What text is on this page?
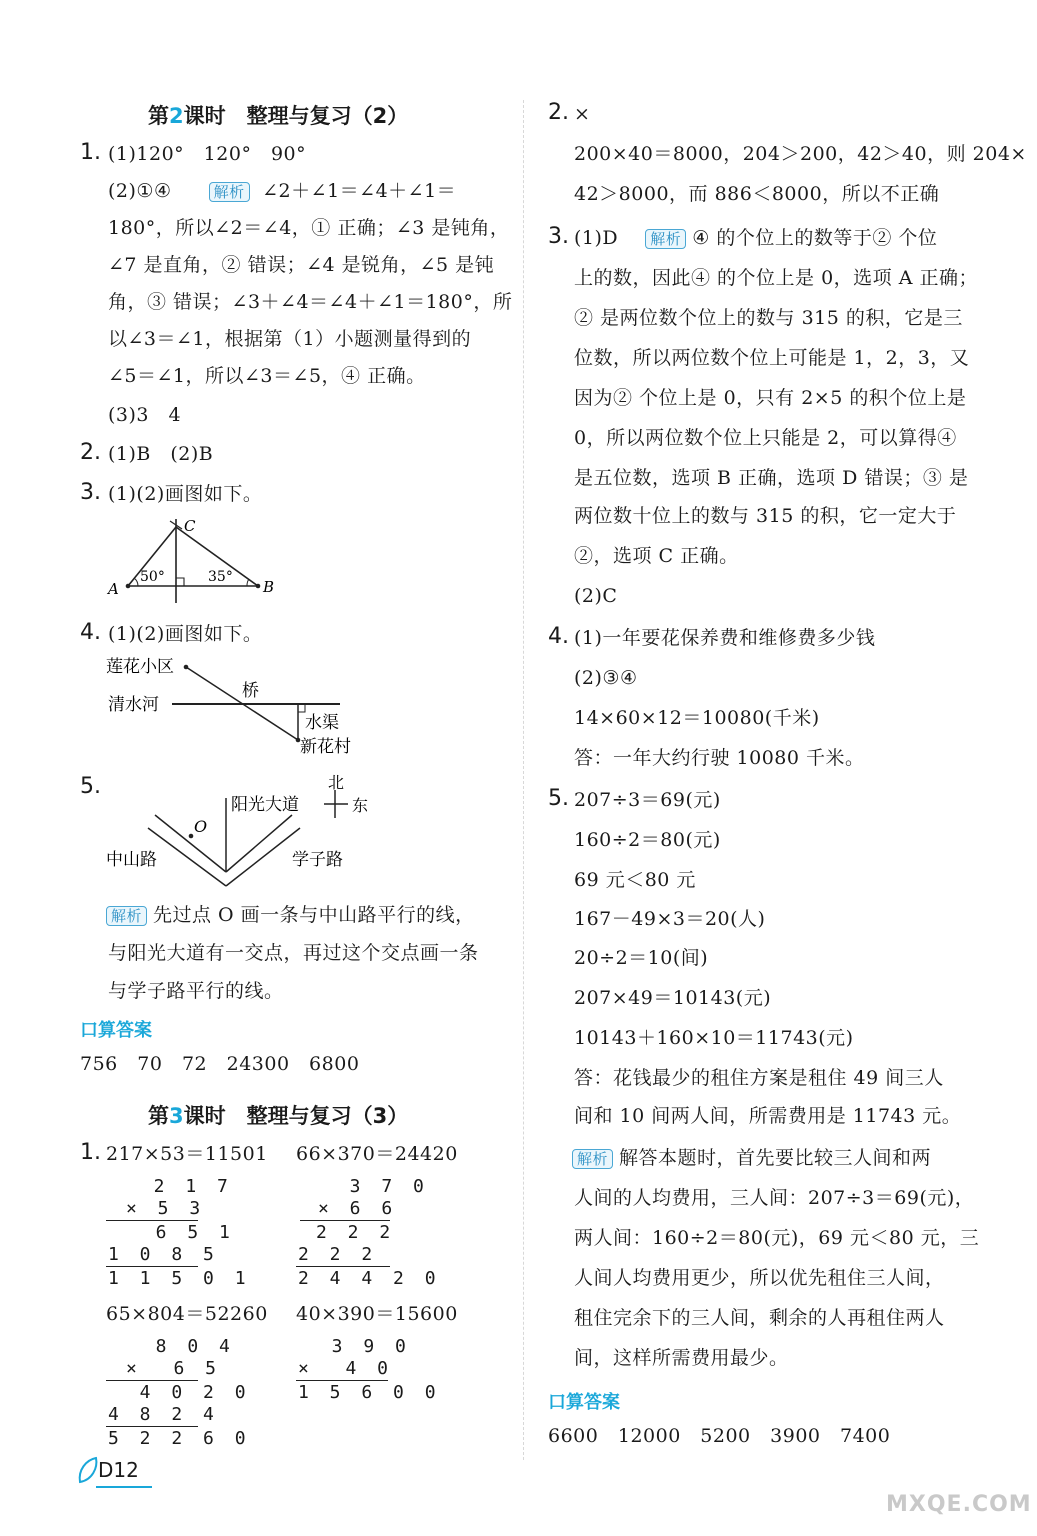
第2课时　整理与复习（2）
1. (1)120°　120°　90°
(2)①④	解析 ∠2＋∠1＝∠4＋∠1＝
180°，所以∠2＝∠4，① 正确；∠3 是钝角，
∠7 是直角，② 错误；∠4 是锐角，∠5 是钝
角，③ 错误；∠3＋∠4＝∠4＋∠1＝180°，所
以∠3＝∠1，根据第（1）小题测量得到的
∠5＝∠1，所以∠3＝∠5，④ 正确。
(3)3　4
2. (1)B　(2)B
3. (1)(2)画图如下。
A	B
C
50°	35°
4. (1)(2)画图如下。
莲花小区
清水河
桥
水渠
新花村
5.	北
东
阳光大道
O
中山路	学子路
解析 先过点 O 画一条与中山路平行的线，
与阳光大道有一交点，再过这个交点画一条
与学子路平行的线。
口算答案
756　70　72　24300　6800
第3课时　整理与复习（3）
1. 217×53＝11501 66×370＝24420
2 1 7
× 5 3
6 5 1
1 0 8 5
1 1 5 0 1
3 7 0
× 6 6
2 2 2
2 2 2
2 4 4 2 0
65×804＝52260 40×390＝15600
8 0 4
×  6 5
4 0 2 0
4 8 2 4
5 2 2 6 0
3 9 0
×  4 0
1 5 6 0 0
D12
2. ×
200×40＝8000，204＞200，42＞40，则 204×
42＞8000，而 886＜8000，所以不正确
3. (1)D 解析 ④ 的个位上的数等于② 个位
上的数，因此④ 的个位上是 0，选项 A 正确；
② 是两位数个位上的数与 315 的积，它是三
位数，所以两位数个位上可能是 1，2，3，又
因为② 个位上是 0，只有 2×5 的积个位上是
0，所以两位数个位上只能是 2，可以算得④
是五位数，选项 B 正确，选项 D 错误；③ 是
两位数十位上的数与 315 的积，它一定大于
②，选项 C 正确。
(2)C
4. (1)一年要花保养费和维修费多少钱
(2)③④
14×60×12＝10080(千米)
答：一年大约行驶 10080 千米。
5. 207÷3＝69(元)
160÷2＝80(元)
69 元＜80 元
167－49×3＝20(人)
20÷2＝10(间)
207×49＝10143(元)
10143＋160×10＝11743(元)
答：花钱最少的租住方案是租住 49 间三人
间和 10 间两人间，所需费用是 11743 元。
解析 解答本题时，首先要比较三人间和两
人间的人均费用，三人间：207÷3＝69(元)，
两人间：160÷2＝80(元)，69 元＜80 元，三
人间人均费用更少，所以优先租住三人间，
租住完余下的三人间，剩余的人再租住两人
间，这样所需费用最少。
口算答案
6600　12000　5200　3900　7400
MXQE.COM
